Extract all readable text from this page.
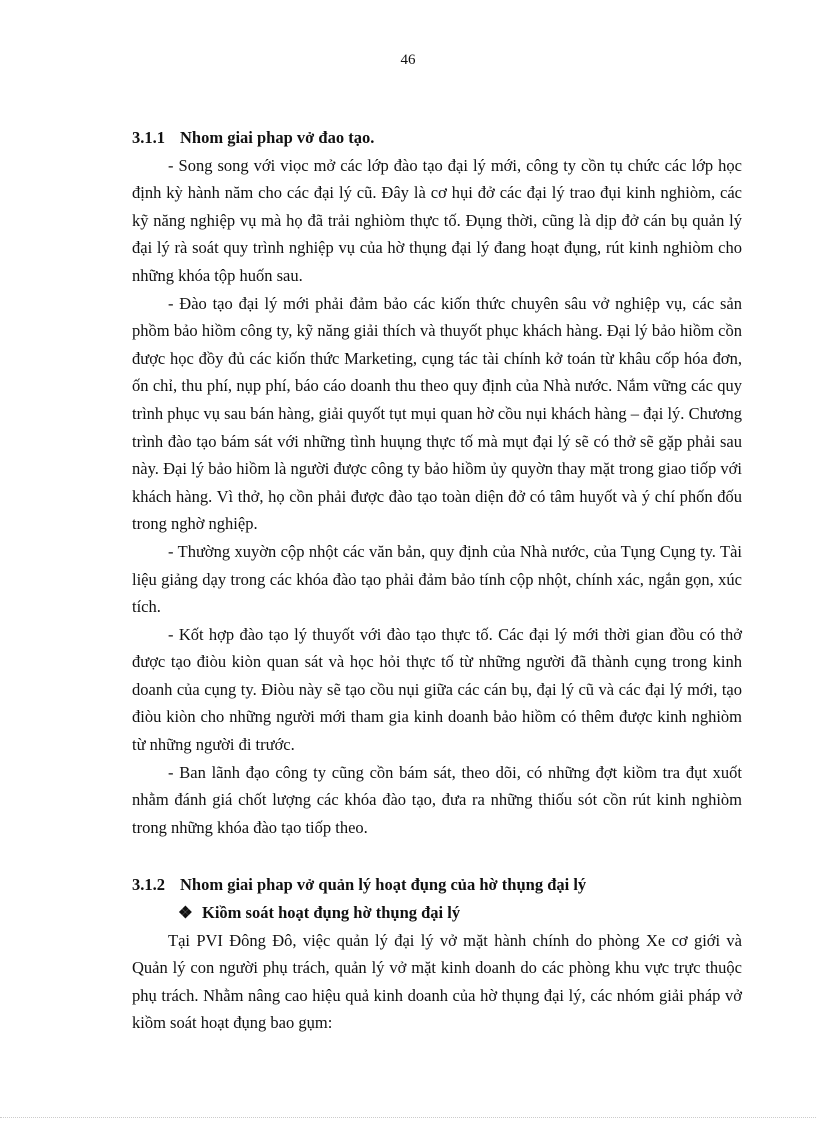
46

3.1.1 Nhom giai phap vở đao tạo.

- Song song với viọc mở các lớp đào tạo đại lý mới, công ty cồn tụ chức các lớp học định kỳ hành năm cho các đại lý cũ. Đây là cơ hụi đở các đại lý trao đụi kinh nghiòm, các kỹ năng nghiệp vụ mà họ đã trải nghiòm thực tố. Đụng thời, cũng là dịp đở cán bụ quản lý đại lý rà soát quy trình nghiệp vụ của hờ thụng đại lý đang hoạt đụng, rút kinh nghiòm cho những khóa tộp huốn sau.

- Đào tạo đại lý mới phải đảm bảo các kiốn thức chuyên sâu vở nghiệp vụ, các sản phồm bảo hiồm công ty, kỹ năng giải thích và thuyốt phục khách hàng. Đại lý bảo hiồm cồn được học đồy đủ các kiốn thức Marketing, cụng tác tài chính kở toán từ khâu cốp hóa đơn, ốn chỉ, thu phí, nụp phí, báo cáo doanh thu theo quy định của Nhà nước. Nắm vững các quy trình phục vụ sau bán hàng, giải quyốt tụt mụi quan hờ cồu nụi khách hàng – đại lý. Chương trình đào tạo bám sát với những tình huụng thực tố mà mụt đại lý sẽ có thở sẽ gặp phải sau này. Đại lý bảo hiồm là người được công ty bảo hiồm ủy quyờn thay mặt trong giao tiốp với khách hàng. Vì thở, họ cồn phải được đào tạo toàn diện đở có tâm huyốt và ý chí phốn đốu trong nghờ nghiệp.

- Thường xuyờn cộp nhột các văn bản, quy định của Nhà nước, của Tụng Cụng ty. Tài liệu giảng dạy trong các khóa đào tạo phải đảm bảo tính cộp nhột, chính xác, ngắn gọn, xúc tích.

- Kốt hợp đào tạo lý thuyốt với đào tạo thực tố. Các đại lý mới thời gian đồu có thở được tạo điòu kiòn quan sát và học hỏi thực tố từ những người đã thành cụng trong kinh doanh của cụng ty. Điòu này sẽ tạo cồu nụi giữa các cán bụ, đại lý cũ và các đại lý mới, tạo điòu kiòn cho những người mới tham gia kinh doanh bảo hiồm có thêm được kinh nghiòm từ những người đi trước.

- Ban lãnh đạo công ty cũng cồn bám sát, theo dõi, có những đợt kiồm tra đụt xuốt nhằm đánh giá chốt lượng các khóa đào tạo, đưa ra những thiốu sót cồn rút kinh nghiòm trong những khóa đào tạo tiốp theo.

3.1.2 Nhom giai phap vở quản lý hoạt đụng của hờ thụng đại lý

❖ Kiồm soát hoạt đụng hờ thụng đại lý

Tại PVI Đông Đô, việc quản lý đại lý vở mặt hành chính do phòng Xe cơ giới và Quản lý con người phụ trách, quản lý vở mặt kinh doanh do các phòng khu vực trực thuộc phụ trách. Nhằm nâng cao hiệu quả kinh doanh của hờ thụng đại lý, các nhóm giải pháp vở kiồm soát hoạt đụng bao gụm:
